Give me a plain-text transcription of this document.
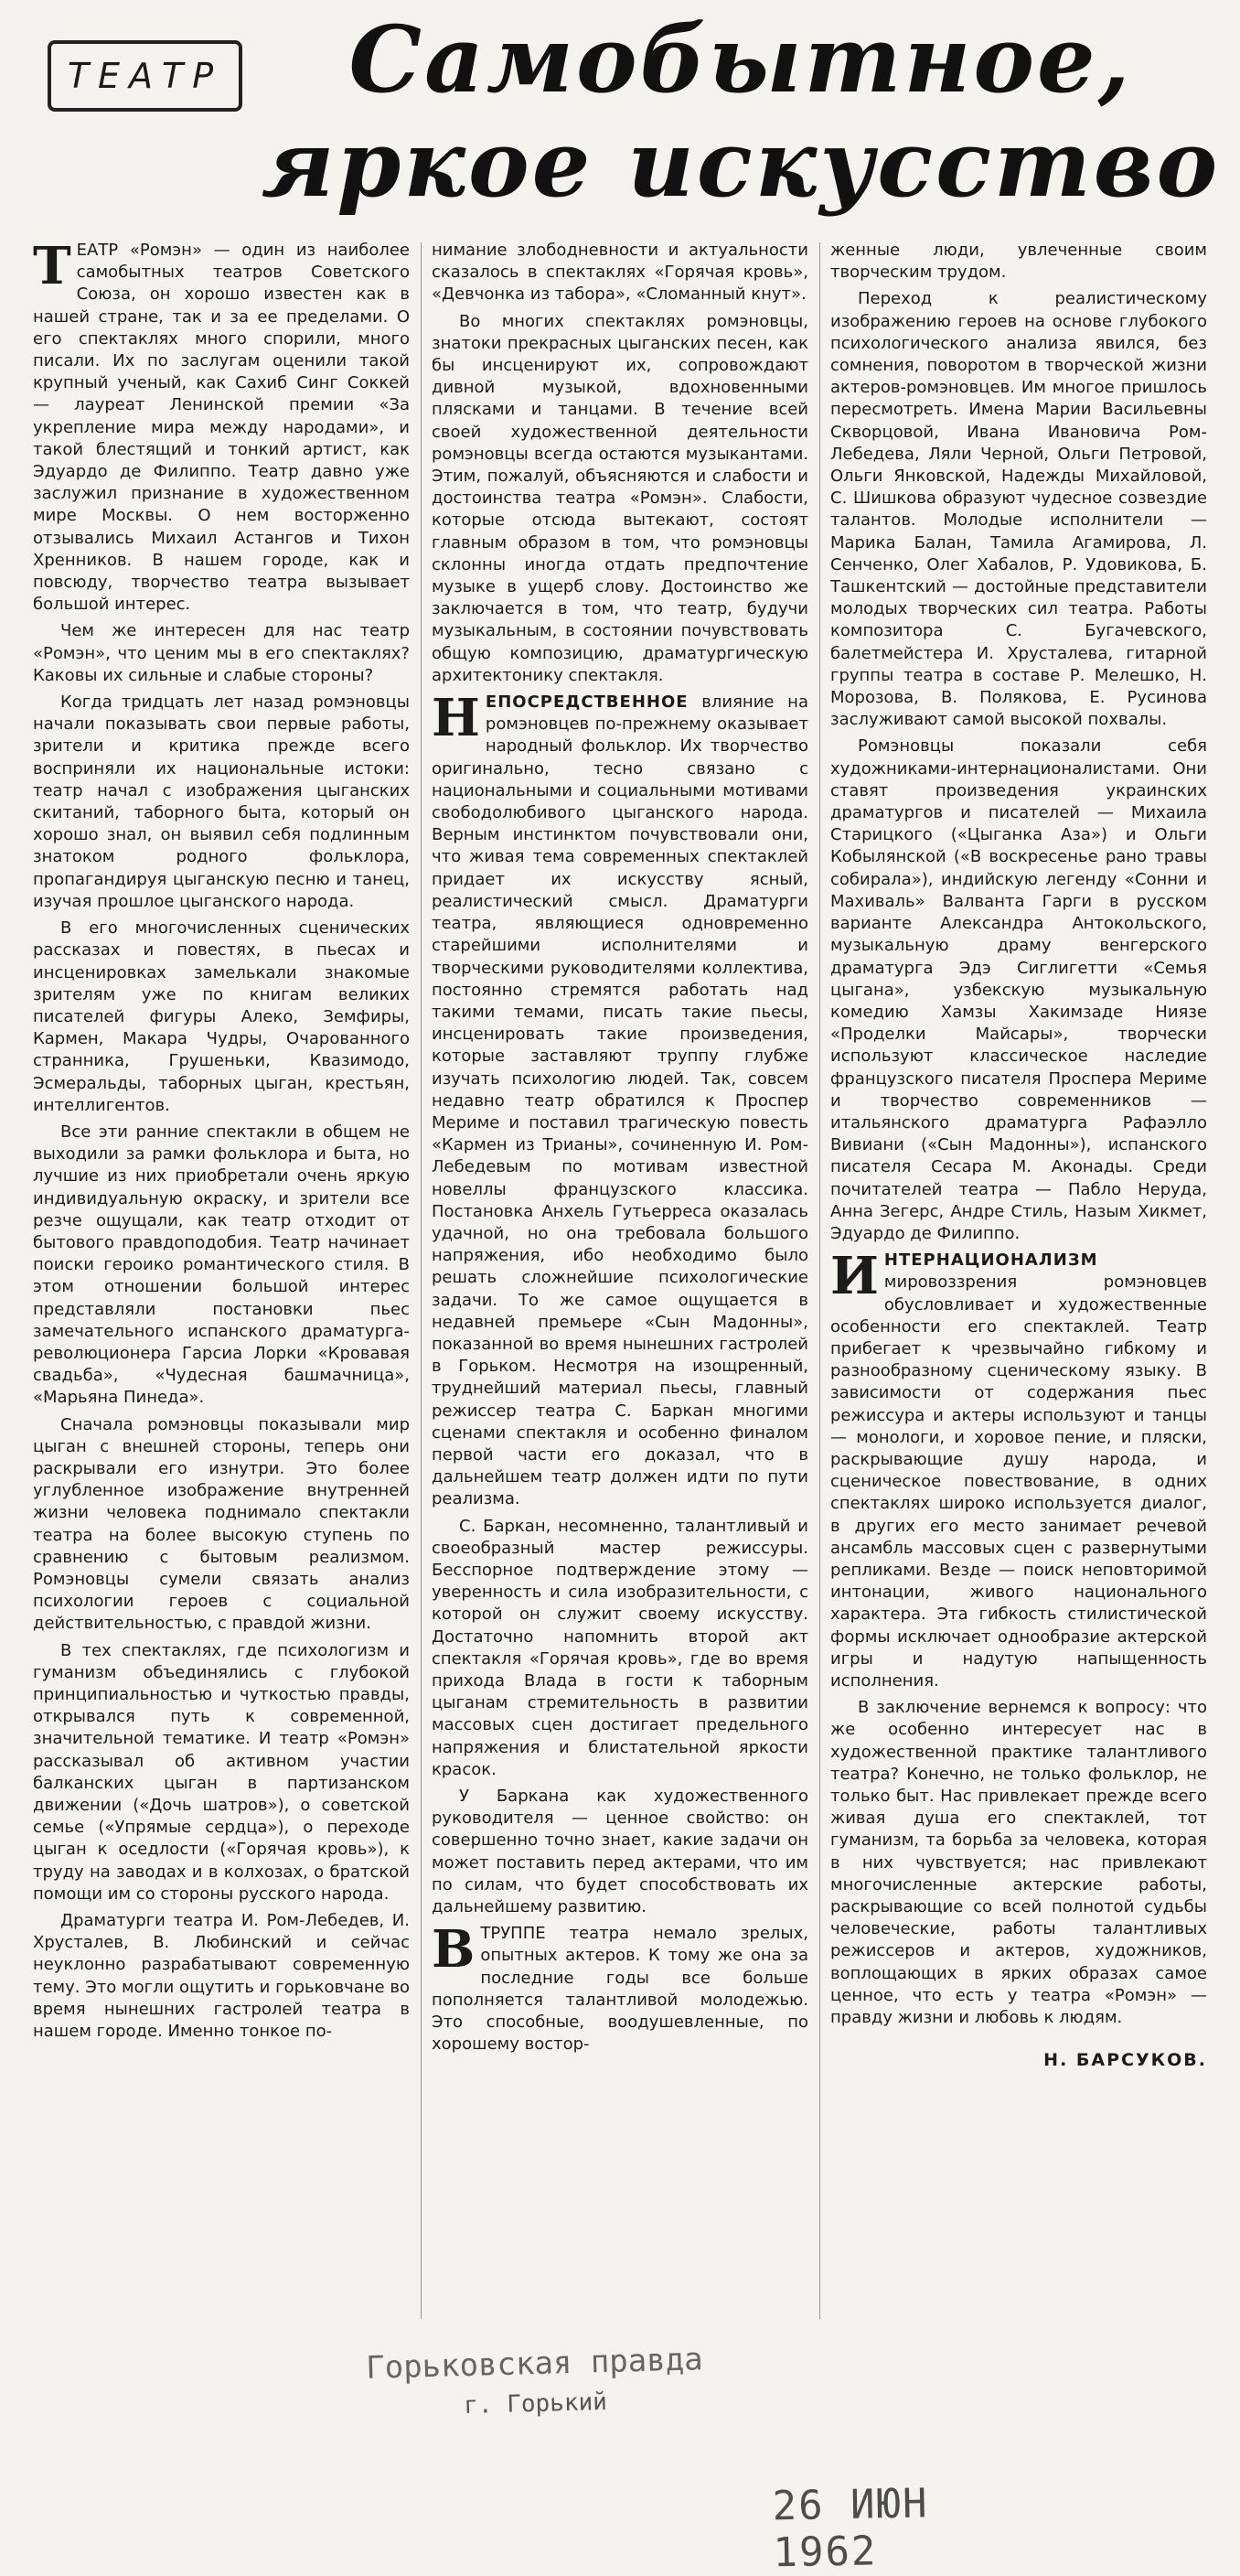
ТЕАТР	Самобытное,
яркое искусство

ТЕАТР «Ромэн» — один из наиболее самобытных театров Советского Союза, он хорошо известен как в нашей стране, так и за ее пределами. О его спектаклях много спорили, много писали. Их по заслугам оценили такой крупный ученый, как Сахиб Синг Соккей — лауреат Ленинской премии «За укрепление мира между народами», и такой блестящий и тонкий артист, как Эдуардо де Филиппо. Театр давно уже заслужил признание в художественном мире Москвы. О нем восторженно отзывались Михаил Астангов и Тихон Хренников. В нашем городе, как и повсюду, творчество театра вызывает большой интерес.

Чем же интересен для нас театр «Ромэн», что ценим мы в его спектаклях? Каковы их сильные и слабые стороны?

Когда тридцать лет назад ромэновцы начали показывать свои первые работы, зрители и критика прежде всего восприняли их национальные истоки: театр начал с изображения цыганских скитаний, таборного быта, который он хорошо знал, он выявил себя подлинным знатоком родного фольклора, пропагандируя цыганскую песню и танец, изучая прошлое цыганского народа.

В его многочисленных сценических рассказах и повестях, в пьесах и инсценировках замелькали знакомые зрителям уже по книгам великих писателей фигуры Алеко, Земфиры, Кармен, Макара Чудры, Очарованного странника, Грушеньки, Квазимодо, Эсмеральды, таборных цыган, крестьян, интеллигентов.

Все эти ранние спектакли в общем не выходили за рамки фольклора и быта, но лучшие из них приобретали очень яркую индивидуальную окраску, и зрители все резче ощущали, как театр отходит от бытового правдоподобия. Театр начинает поиски героико романтического стиля. В этом отношении большой интерес представляли постановки пьес замечательного испанского драматурга-революционера Гарсиа Лорки «Кровавая свадьба», «Чудесная башмачница», «Марьяна Пинеда».

Сначала ромэновцы показывали мир цыган с внешней стороны, теперь они раскрывали его изнутри. Это более углубленное изображение внутренней жизни человека поднимало спектакли театра на более высокую ступень по сравнению с бытовым реализмом. Ромэновцы сумели связать анализ психологии героев с социальной действительностью, с правдой жизни.

В тех спектаклях, где психологизм и гуманизм объединялись с глубокой принципиальностью и чуткостью правды, открывался путь к современной, значительной тематике. И театр «Ромэн» рассказывал об активном участии балканских цыган в партизанском движении («Дочь шатров»), о советской семье («Упрямые сердца»), о переходе цыган к оседлости («Горячая кровь»), к труду на заводах и в колхозах, о братской помощи им со стороны русского народа.

Драматурги театра И. Ром-Лебедев, И. Хрусталев, В. Любинский и сейчас неуклонно разрабатывают современную тему. Это могли ощутить и горьковчане во время нынешних гастролей театра в нашем городе. Именно тонкое по-

нимание злободневности и актуальности сказалось в спектаклях «Горячая кровь», «Девчонка из табора», «Сломанный кнут».

Во многих спектаклях ромэновцы, знатоки прекрасных цыганских песен, как бы инсценируют их, сопровождают дивной музыкой, вдохновенными плясками и танцами. В течение всей своей художественной деятельности ромэновцы всегда остаются музыкантами. Этим, пожалуй, объясняются и слабости и достоинства театра «Ромэн». Слабости, которые отсюда вытекают, состоят главным образом в том, что ромэновцы склонны иногда отдать предпочтение музыке в ущерб слову. Достоинство же заключается в том, что театр, будучи музыкальным, в состоянии почувствовать общую композицию, драматургическую архитектонику спектакля.

НЕПОСРЕДСТВЕННОЕ влияние на ромэновцев по-прежнему оказывает народный фольклор. Их творчество оригинально, тесно связано с национальными и социальными мотивами свободолюбивого цыганского народа. Верным инстинктом почувствовали они, что живая тема современных спектаклей придает их искусству ясный, реалистический смысл. Драматурги театра, являющиеся одновременно старейшими исполнителями и творческими руководителями коллектива, постоянно стремятся работать над такими темами, писать такие пьесы, инсценировать такие произведения, которые заставляют труппу глубже изучать психологию людей. Так, совсем недавно театр обратился к Проспер Мериме и поставил трагическую повесть «Кармен из Трианы», сочиненную И. Ром-Лебедевым по мотивам известной новеллы французского классика. Постановка Анхель Гутьерреса оказалась удачной, но она требовала большого напряжения, ибо необходимо было решать сложнейшие психологические задачи. То же самое ощущается в недавней премьере «Сын Мадонны», показанной во время нынешних гастролей в Горьком. Несмотря на изощренный, труднейший материал пьесы, главный режиссер театра С. Баркан многими сценами спектакля и особенно финалом первой части его доказал, что в дальнейшем театр должен идти по пути реализма.

С. Баркан, несомненно, талантливый и своеобразный мастер режиссуры. Бесспорное подтверждение этому — уверенность и сила изобразительности, с которой он служит своему искусству. Достаточно напомнить второй акт спектакля «Горячая кровь», где во время прихода Влада в гости к таборным цыганам стремительность в развитии массовых сцен достигает предельного напряжения и блистательной яркости красок.

У Баркана как художественного руководителя — ценное свойство: он совершенно точно знает, какие задачи он может поставить перед актерами, что им по силам, что будет способствовать их дальнейшему развитию.

В ТРУППЕ театра немало зрелых, опытных актеров. К тому же она за последние годы все больше пополняется талантливой молодежью. Это способные, воодушевленные, по хорошему востор-

женные люди, увлеченные своим творческим трудом.

Переход к реалистическому изображению героев на основе глубокого психологического анализа явился, без сомнения, поворотом в творческой жизни актеров-ромэновцев. Им многое пришлось пересмотреть. Имена Марии Васильевны Скворцовой, Ивана Ивановича Ром-Лебедева, Ляли Черной, Ольги Петровой, Ольги Янковской, Надежды Михайловой, С. Шишкова образуют чудесное созвездие талантов. Молодые исполнители — Марика Балан, Тамила Агамирова, Л. Сенченко, Олег Хабалов, Р. Удовикова, Б. Ташкентский — достойные представители молодых творческих сил театра. Работы композитора С. Бугачевского, балетмейстера И. Хрусталева, гитарной группы театра в составе Р. Мелешко, Н. Морозова, В. Полякова, Е. Русинова заслуживают самой высокой похвалы.

Ромэновцы показали себя художниками-интернационалистами. Они ставят произведения украинских драматургов и писателей — Михаила Старицкого («Цыганка Аза») и Ольги Кобылянской («В воскресенье рано травы собирала»), индийскую легенду «Сонни и Махиваль» Валванта Гарги в русском варианте Александра Антокольского, музыкальную драму венгерского драматурга Эдэ Сиглигетти «Семья цыгана», узбекскую музыкальную комедию Хамзы Хакимзаде Ниязе «Проделки Майсары», творчески используют классическое наследие французского писателя Проспера Мериме и творчество современников — итальянского драматурга Рафаэлло Вивиани («Сын Мадонны»), испанского писателя Сесара М. Аконады. Среди почитателей театра — Пабло Неруда, Анна Зегерс, Андре Стиль, Назым Хикмет, Эдуардо де Филиппо.

ИНТЕРНАЦИОНАЛИЗМ мировоззрения ромэновцев обусловливает и художественные особенности его спектаклей. Театр прибегает к чрезвычайно гибкому и разнообразному сценическому языку. В зависимости от содержания пьес режиссура и актеры используют и танцы — монологи, и хоровое пение, и пляски, раскрывающие душу народа, и сценическое повествование, в одних спектаклях широко используется диалог, в других его место занимает речевой ансамбль массовых сцен с развернутыми репликами. Везде — поиск неповторимой интонации, живого национального характера. Эта гибкость стилистической формы исключает однообразие актерской игры и надутую напыщенность исполнения.

В заключение вернемся к вопросу: что же особенно интересует нас в художественной практике талантливого театра? Конечно, не только фольклор, не только быт. Нас привлекает прежде всего живая душа его спектаклей, тот гуманизм, та борьба за человека, которая в них чувствуется; нас привлекают многочисленные актерские работы, раскрывающие со всей полнотой судьбы человеческие, работы талантливых режиссеров и актеров, художников, воплощающих в ярких образах самое ценное, что есть у театра «Ромэн» — правду жизни и любовь к людям.

Н. БАРСУКОВ.
Горьковская правда
г. Горький
26 ИЮН 1962
